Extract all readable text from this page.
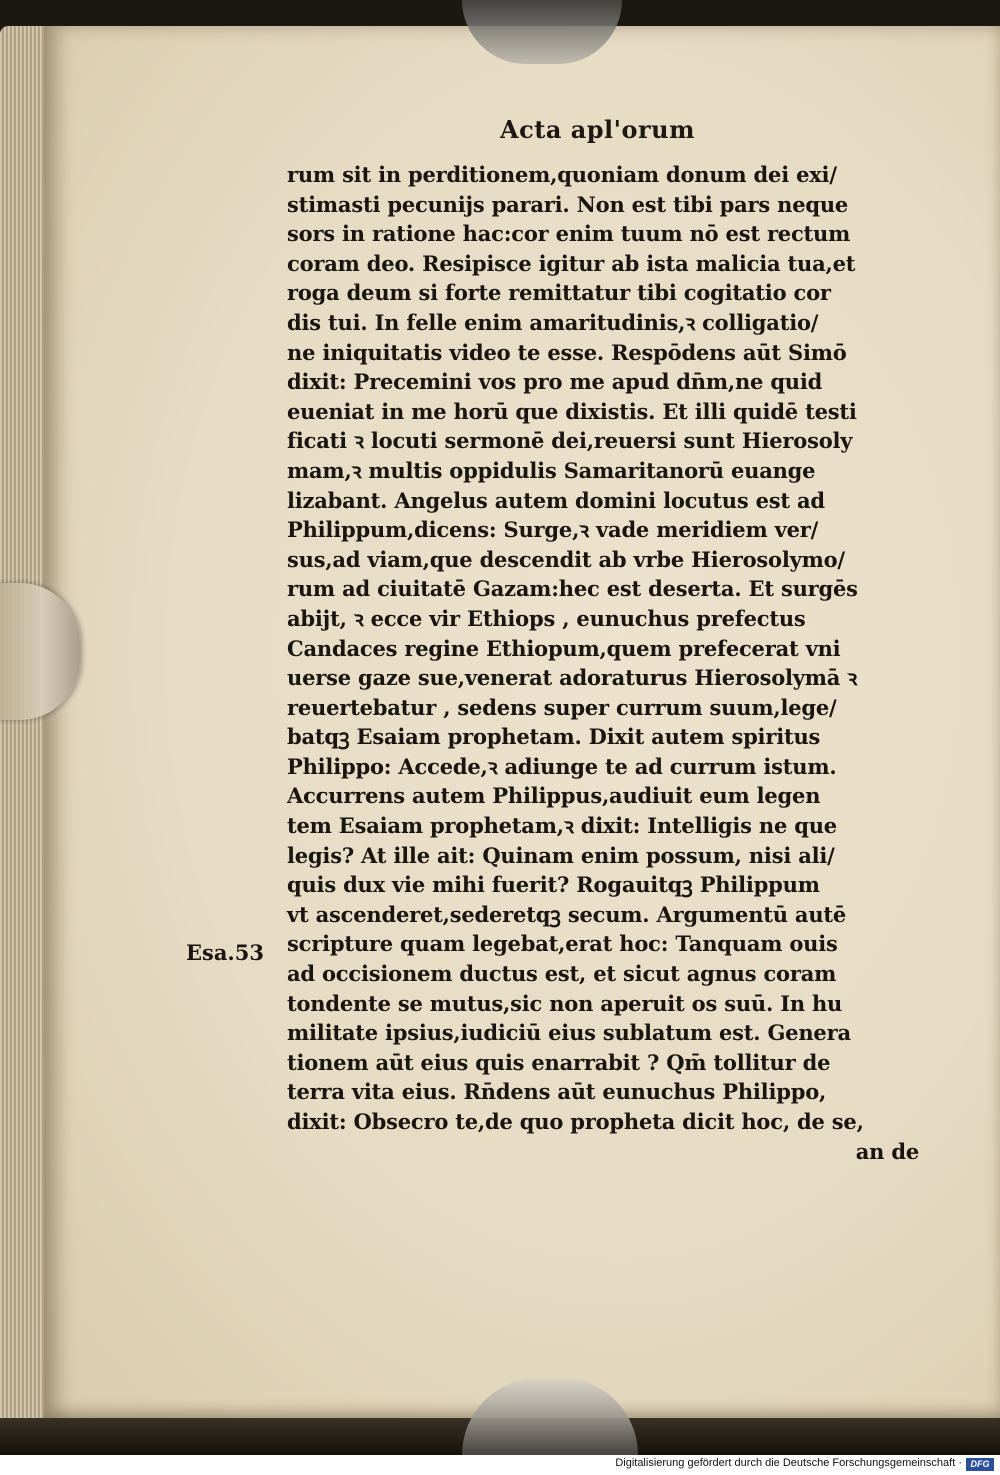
Acta apl'orum
Esa.53
rum sit in perditionem,quoniam donum dei exi/
stimasti pecunijs parari. Non est tibi pars neque
sors in ratione hac:cor enim tuum nō est rectum
coram deo. Resipisce igitur ab ista malicia tua,et
roga deum si forte remittatur tibi cogitatio cor
dis tui. In felle enim amaritudinis,ꝛ colligatio/
ne iniquitatis video te esse. Respōdens aūt Simō
dixit: Precemini vos pro me apud dn̄m,ne quid
eueniat in me horū que dixistis. Et illi quidē testi
ficati ꝛ locuti sermonē dei,reuersi sunt Hierosoly
mam,ꝛ multis oppidulis Samaritanorū euange
lizabant. Angelus autem domini locutus est ad
Philippum,dicens: Surge,ꝛ vade meridiem ver/
sus,ad viam,que descendit ab vrbe Hierosolymo/
rum ad ciuitatē Gazam:hec est deserta. Et surgēs
abijt, ꝛ ecce vir Ethiops , eunuchus prefectus
Candaces regine Ethiopum,quem prefecerat vni
uerse gaze sue,venerat adoraturus Hierosolymā ꝛ
reuertebatur , sedens super currum suum,lege/
batqꝫ Esaiam prophetam. Dixit autem spiritus
Philippo: Accede,ꝛ adiunge te ad currum istum.
Accurrens autem Philippus,audiuit eum legen
tem Esaiam prophetam,ꝛ dixit: Intelligis ne que
legis? At ille ait: Quinam enim possum, nisi ali/
quis dux vie mihi fuerit? Rogauitqꝫ Philippum
vt ascenderet,sederetqꝫ secum. Argumentū autē
scripture quam legebat,erat hoc: Tanquam ouis
ad occisionem ductus est, et sicut agnus coram
tondente se mutus,sic non aperuit os suū. In hu
militate ipsius,iudiciū eius sublatum est. Genera
tionem aūt eius quis enarrabit ? Qm̄ tollitur de
terra vita eius. Rn̄dens aūt eunuchus Philippo,
dixit: Obsecro te,de quo propheta dicit hoc, de se,
an de
Digitalisierung gefördert durch die Deutsche Forschungsgemeinschaft · DFG
